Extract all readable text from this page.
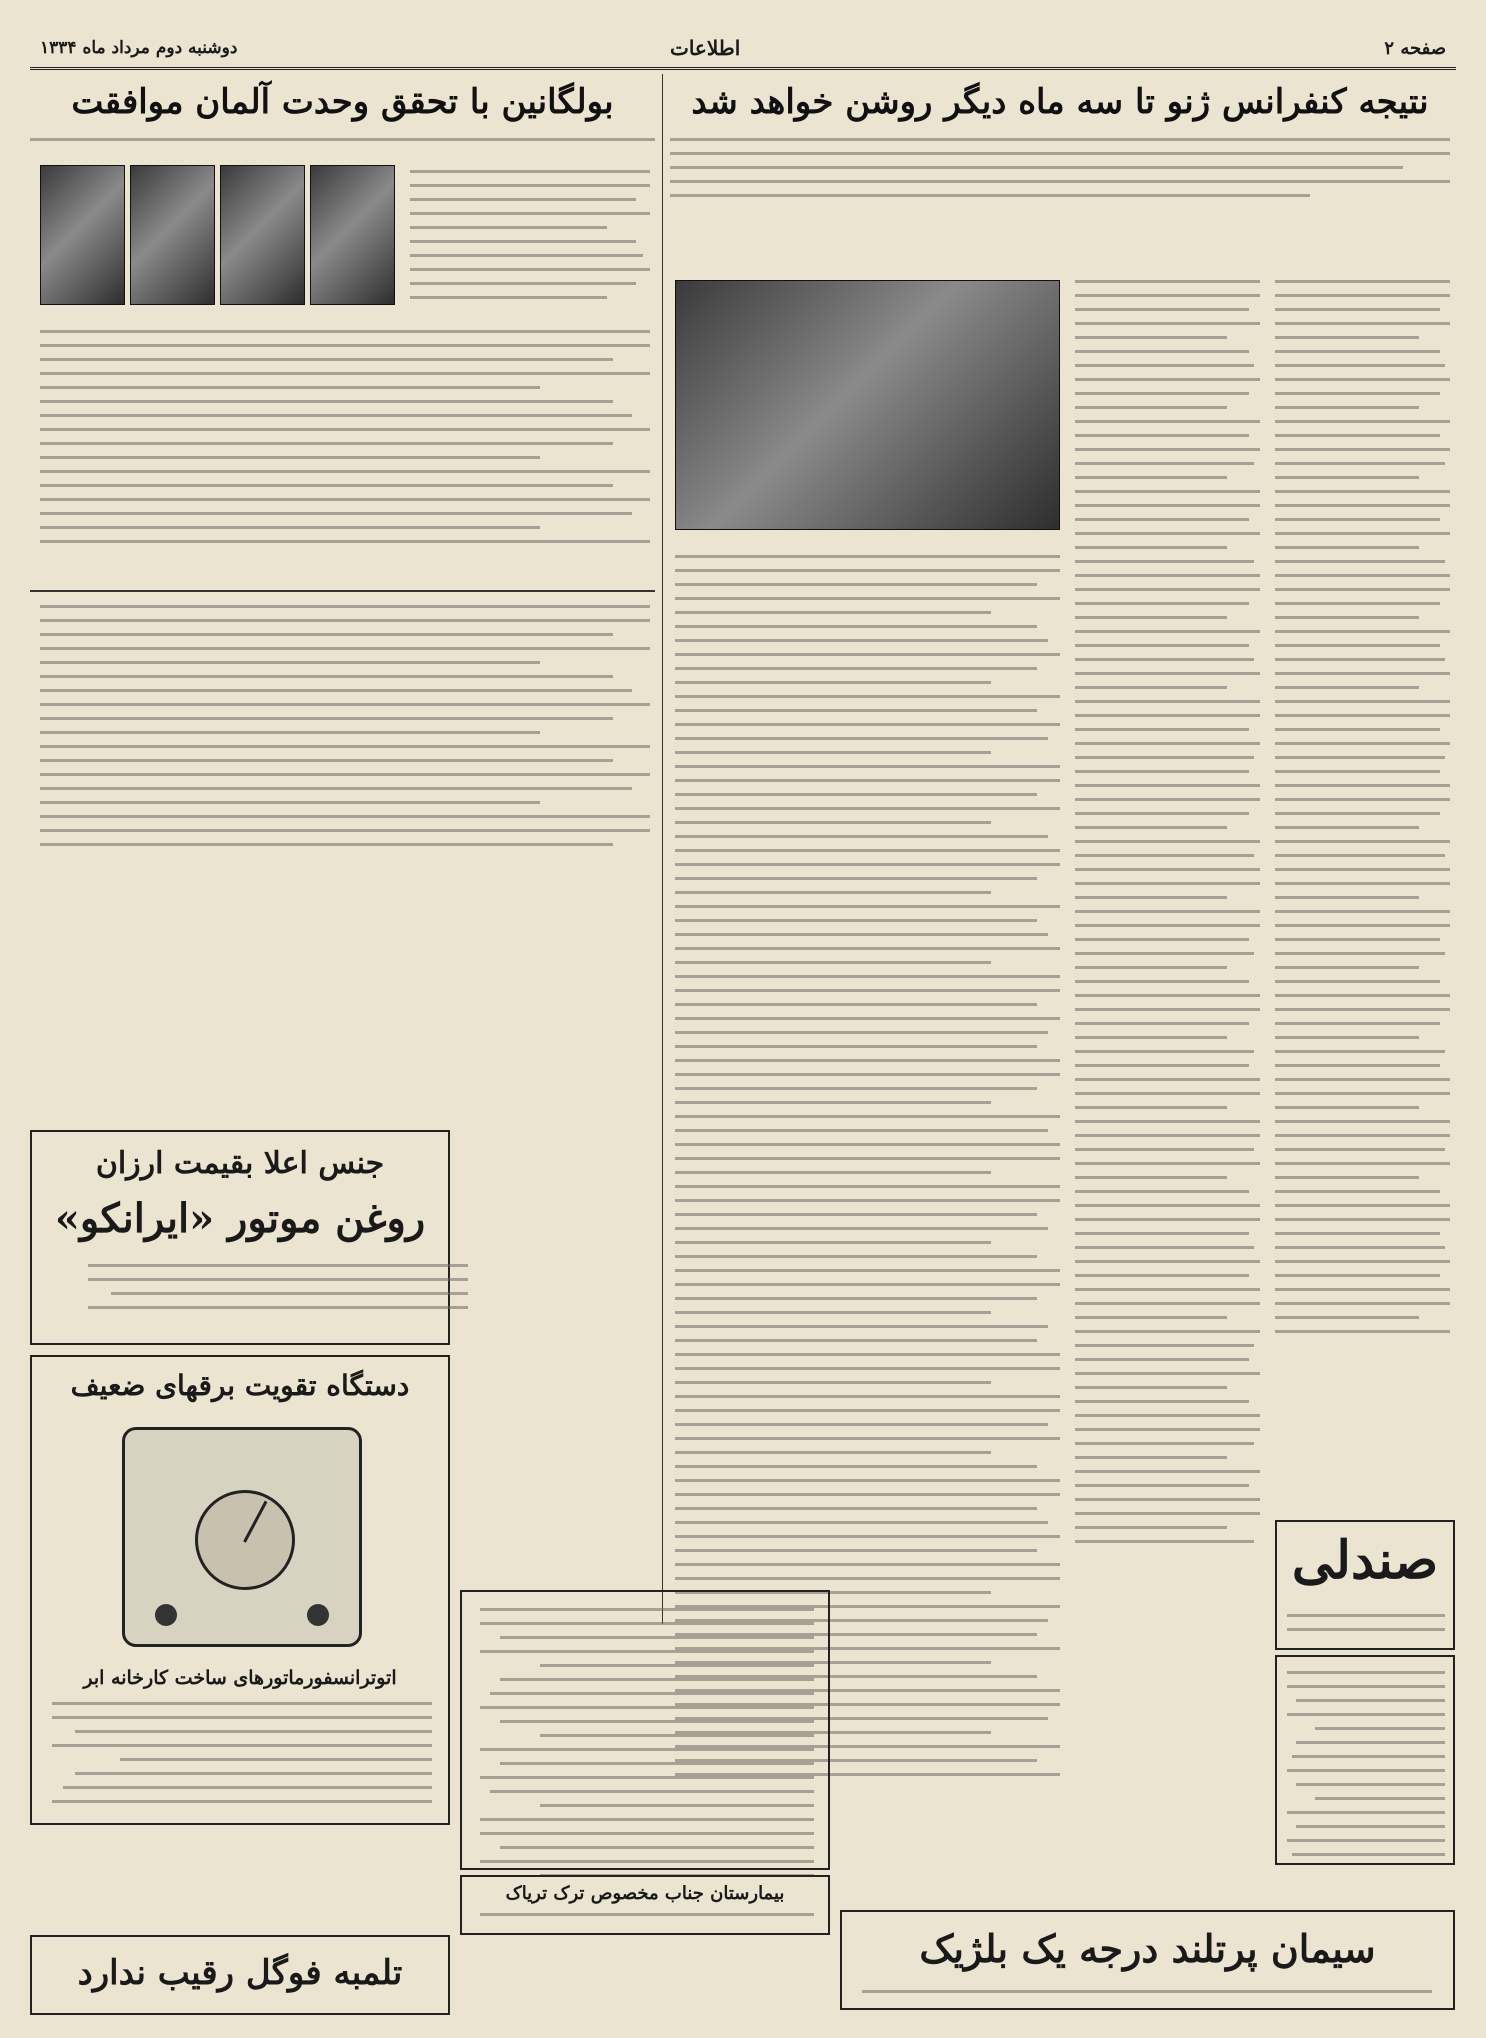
صفحه ۲
اطلاعات
دوشنبه دوم مرداد ماه ۱۳۳۴
نتیجه کنفرانس ژنو تا سه ماه دیگر روشن خواهد شد
بولگانین با تحقق وحدت آلمان موافقت
جنس اعلا بقیمت ارزان
روغن موتور «ایرانکو»
دستگاه تقویت برقهای ضعیف
اتوترانسفورماتورهای ساخت کارخانه ابر
تلمبه فوگل رقیب ندارد
بیمارستان جناب مخصوص ترک تریاک
صندلی
سیمان پرتلند درجه یک بلژیک
